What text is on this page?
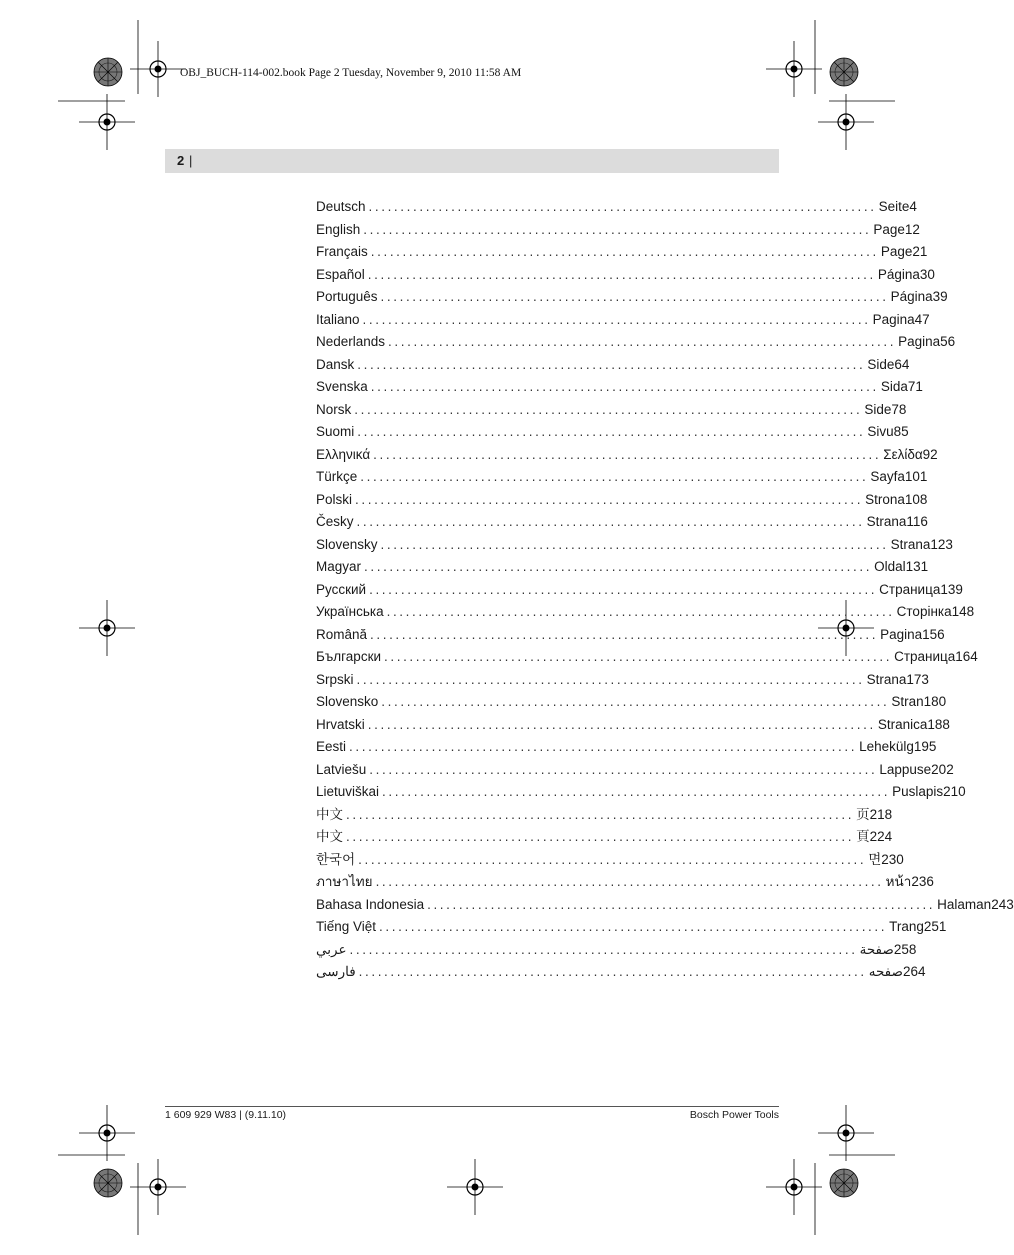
OBJ_BUCH-114-002.book Page 2 Tuesday, November 9, 2010 11:58 AM
2 |
Deutsch ................................................................................ Seite 4
English ................................................................................ Page 12
Français ................................................................................ Page 21
Español ................................................................................ Página 30
Português ................................................................................ Página 39
Italiano ................................................................................ Pagina 47
Nederlands ................................................................................ Pagina 56
Dansk ................................................................................ Side 64
Svenska ................................................................................ Sida 71
Norsk ................................................................................ Side 78
Suomi ................................................................................ Sivu 85
Ελληνικά ................................................................................ Σελίδα 92
Türkçe ................................................................................ Sayfa 101
Polski ................................................................................ Strona 108
Česky ................................................................................ Strana 116
Slovensky ................................................................................ Strana 123
Magyar ................................................................................ Oldal 131
Русский ................................................................................ Страница 139
Українська ................................................................................ Сторінка 148
Română ................................................................................ Pagina 156
Български ................................................................................ Страница 164
Srpski ................................................................................ Strana 173
Slovensko ................................................................................ Stran 180
Hrvatski ................................................................................ Stranica 188
Eesti ................................................................................ Lehekülg 195
Latviešu ................................................................................ Lappuse 202
Lietuviškai ................................................................................ Puslapis 210
中文 ................................................................................ 页 218
中文 ................................................................................ 頁 224
한국어 ................................................................................ 면 230
ภาษาไทย ................................................................................ หน้า 236
Bahasa Indonesia ................................................................................ Halaman 243
Tiếng Việt ................................................................................ Trang 251
عربي ................................................................................ صفحة 258
فارسی ................................................................................ صفحه 264
1 609 929 W83 | (9.11.10)	Bosch Power Tools
